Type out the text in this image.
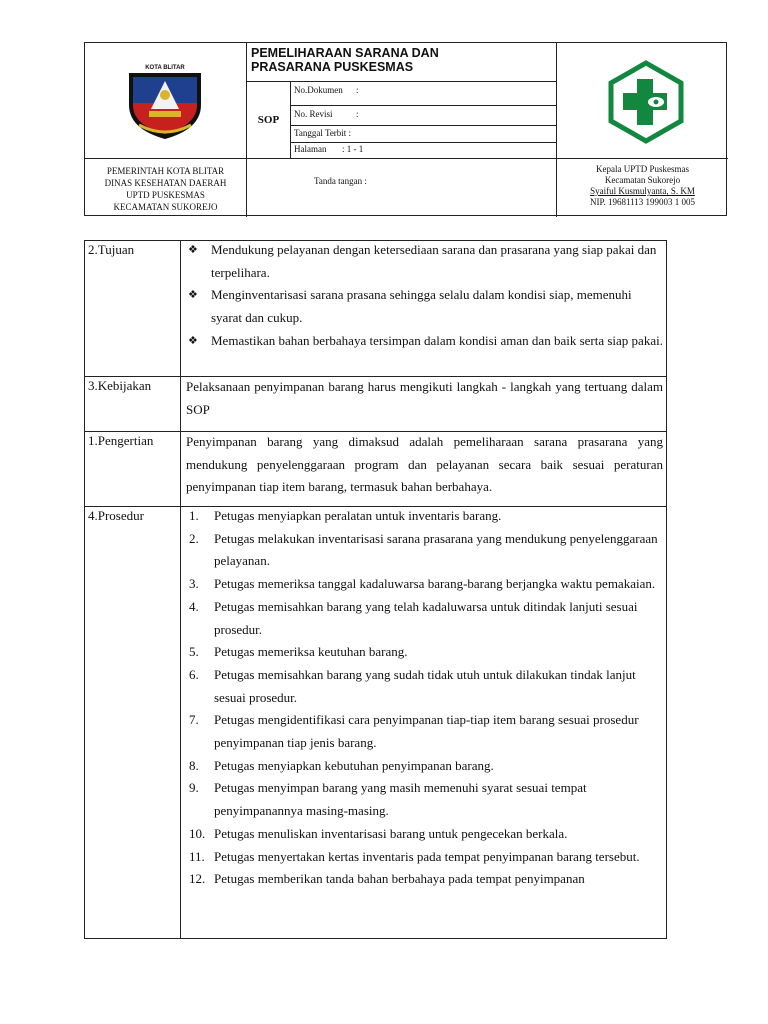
KOTA BLITAR
PEMELIHARAAN SARANA DAN
PRASARANA PUSKESMAS
SOP
No.Dokumen :
No. Revisi	:
Tanggal Terbit :
Halaman : 1 - 1
PEMERINTAH KOTA BLITAR
DINAS KESEHATAN DAERAH
UPTD PUSKESMAS
KECAMATAN SUKOREJO
Tanda tangan :
Kepala UPTD Puskesmas
Kecamatan Sukorejo
Syaiful Kusmulyanta, S. KM
NIP. 19681113 199003 1 005
2.Tujuan	❖ Mendukung pelayanan dengan ketersediaan sarana dan prasarana yang siap pakai dan terpelihara.
❖ Menginventarisasi sarana prasana sehingga selalu dalam kondisi siap, memenuhi syarat dan cukup.
❖ Memastikan bahan berbahaya tersimpan dalam kondisi aman dan baik serta siap pakai.
3.Kebijakan	Pelaksanaan penyimpanan barang harus mengikuti langkah - langkah yang tertuang dalam SOP
1.Pengertian	Penyimpanan barang yang dimaksud adalah pemeliharaan sarana prasarana yang mendukung penyelenggaraan program dan pelayanan secara baik sesuai peraturan penyimpanan tiap item barang, termasuk bahan berbahaya.
4.Prosedur	1. Petugas menyiapkan peralatan untuk inventaris barang.
2. Petugas melakukan inventarisasi sarana prasarana yang mendukung penyelenggaraan pelayanan.
3. Petugas memeriksa tanggal kadaluwarsa barang-barang berjangka waktu pemakaian.
4. Petugas memisahkan barang yang telah kadaluwarsa untuk ditindak lanjuti sesuai prosedur.
5. Petugas memeriksa keutuhan barang.
6. Petugas memisahkan barang yang sudah tidak utuh untuk dilakukan tindak lanjut sesuai prosedur.
7. Petugas mengidentifikasi cara penyimpanan tiap-tiap item barang sesuai prosedur penyimpanan tiap jenis barang.
8. Petugas menyiapkan kebutuhan penyimpanan barang.
9. Petugas menyimpan barang yang masih memenuhi syarat sesuai tempat penyimpanannya masing-masing.
10. Petugas menuliskan inventarisasi barang untuk pengecekan berkala.
11. Petugas menyertakan kertas inventaris pada tempat penyimpanan barang tersebut.
12. Petugas memberikan tanda bahan berbahaya pada tempat penyimpanan
